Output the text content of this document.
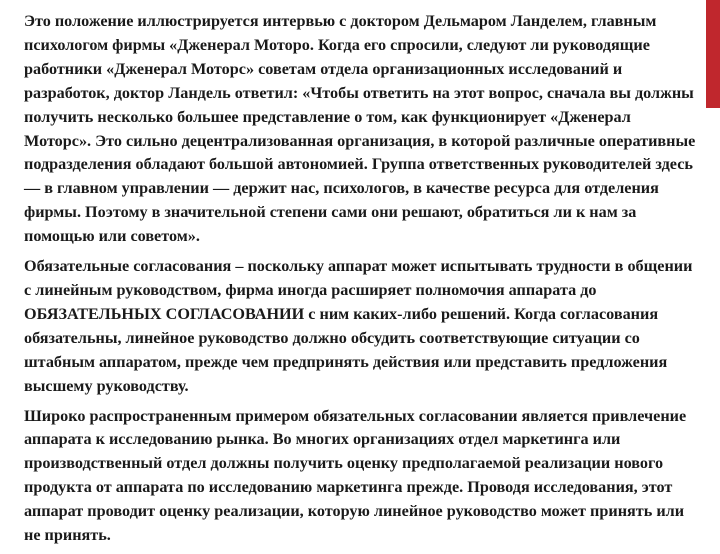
Это положение иллюстрируется интервью с доктором Дельмаром Ланделем, главным психологом фирмы «Дженерал Моторо. Когда его спросили, следуют ли руководящие работники «Дженерал Моторс» советам отдела организационных исследований и разработок, доктор Ландель ответил: «Чтобы ответить на этот вопрос, сначала вы должны получить несколько большее представление о том, как функционирует «Дженерал Моторс». Это сильно децентрализованная организация, в которой различные оперативные подразделения обладают большой автономией. Группа ответственных руководителей здесь — в главном управлении — держит нас, психологов, в качестве ресурса для отделения фирмы. Поэтому в значительной степени сами они решают, обратиться ли к нам за помощью или советом».

Обязательные согласования – поскольку аппарат может испытывать трудности в общении с линейным руководством, фирма иногда расширяет полномочия аппарата до ОБЯЗАТЕЛЬНЫХ СОГЛАСОВАНИИ с ним каких-либо решений. Когда согласования обязательны, линейное руководство должно обсудить соответствующие ситуации со штабным аппаратом, прежде чем предпринять действия или представить предложения высшему руководству.

Широко распространенным примером обязательных согласовании является привлечение аппарата к исследованию рынка. Во многих организациях отдел маркетинга или производственный отдел должны получить оценку предполагаемой реализации нового продукта от аппарата по исследованию маркетинга прежде. Проводя исследования, этот аппарат проводит оценку реализации, которую линейное руководство может принять или не принять.
